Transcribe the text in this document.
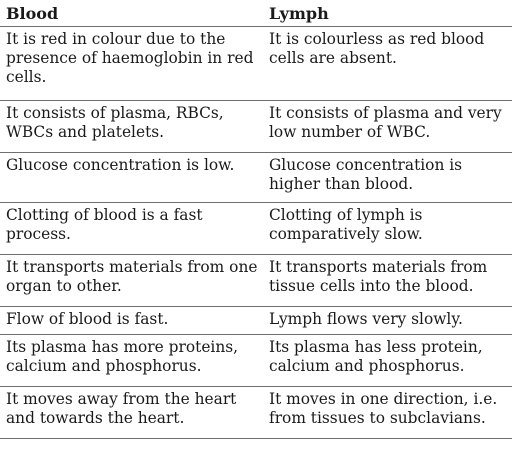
Blood	Lymph
It is red in colour due to the presence of haemoglobin in red cells.	It is colourless as red blood cells are absent.
It consists of plasma, RBCs, WBCs and platelets.	It consists of plasma and very low number of WBC.
Glucose concentration is low.	Glucose concentration is higher than blood.
Clotting of blood is a fast process.	Clotting of lymph is comparatively slow.
It transports materials from one organ to other.	It transports materials from tissue cells into the blood.
Flow of blood is fast.	Lymph flows very slowly.
Its plasma has more proteins, calcium and phosphorus.	Its plasma has less protein, calcium and phosphorus.
It moves away from the heart and towards the heart.	It moves in one direction, i.e. from tissues to subclavians.
